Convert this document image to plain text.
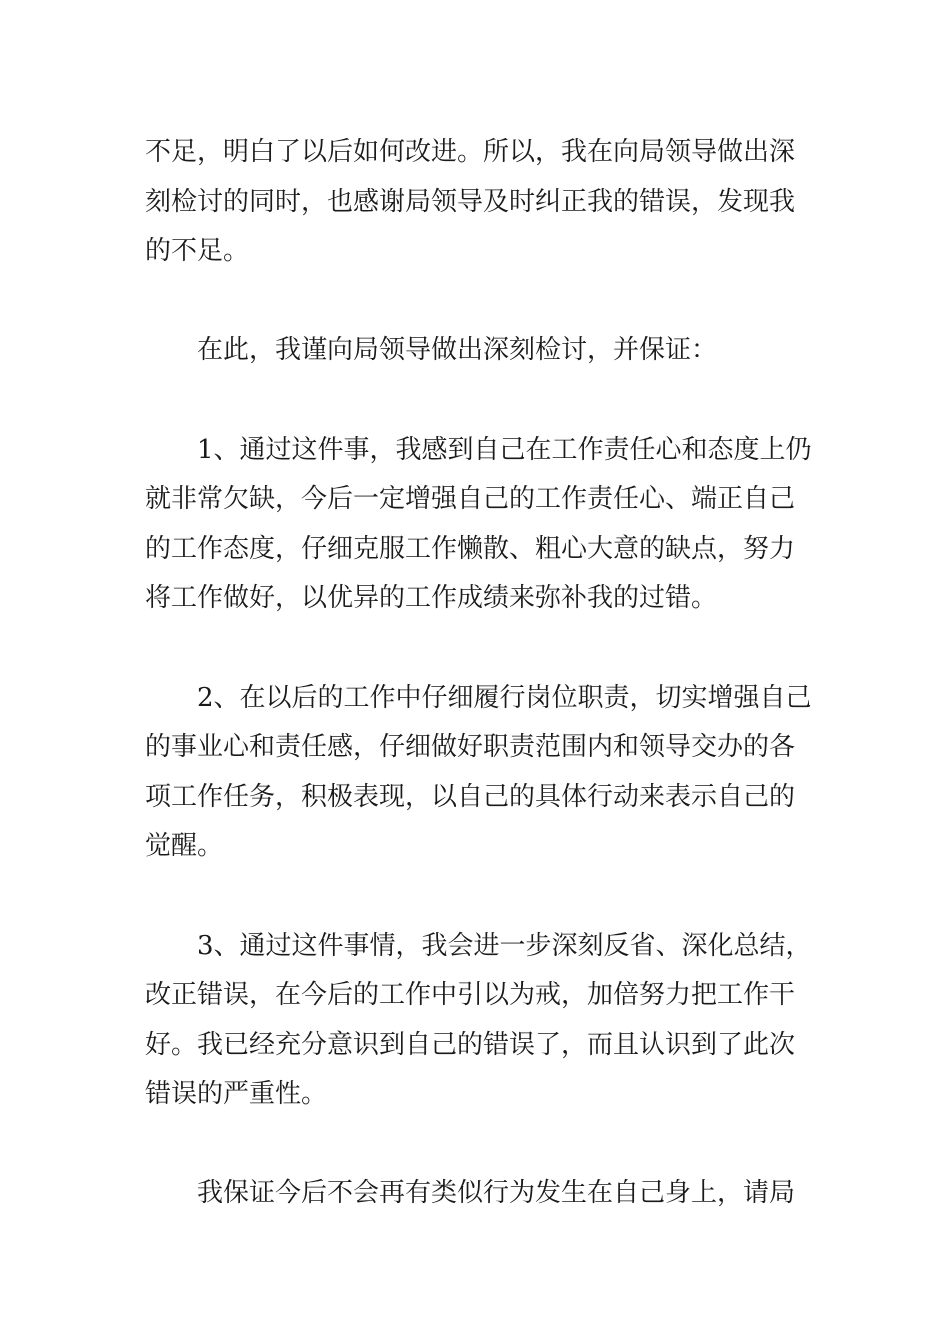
不足，明白了以后如何改进。所以，我在向局领导做出深
刻检讨的同时，也感谢局领导及时纠正我的错误，发现我
的不足。
在此，我谨向局领导做出深刻检讨，并保证：
1、通过这件事，我感到自己在工作责任心和态度上仍
就非常欠缺，今后一定增强自己的工作责任心、端正自己
的工作态度，仔细克服工作懒散、粗心大意的缺点，努力
将工作做好，以优异的工作成绩来弥补我的过错。
2、在以后的工作中仔细履行岗位职责，切实增强自己
的事业心和责任感，仔细做好职责范围内和领导交办的各
项工作任务，积极表现，以自己的具体行动来表示自己的
觉醒。
3、通过这件事情，我会进一步深刻反省、深化总结，
改正错误，在今后的工作中引以为戒，加倍努力把工作干
好。我已经充分意识到自己的错误了，而且认识到了此次
错误的严重性。
我保证今后不会再有类似行为发生在自己身上，请局
